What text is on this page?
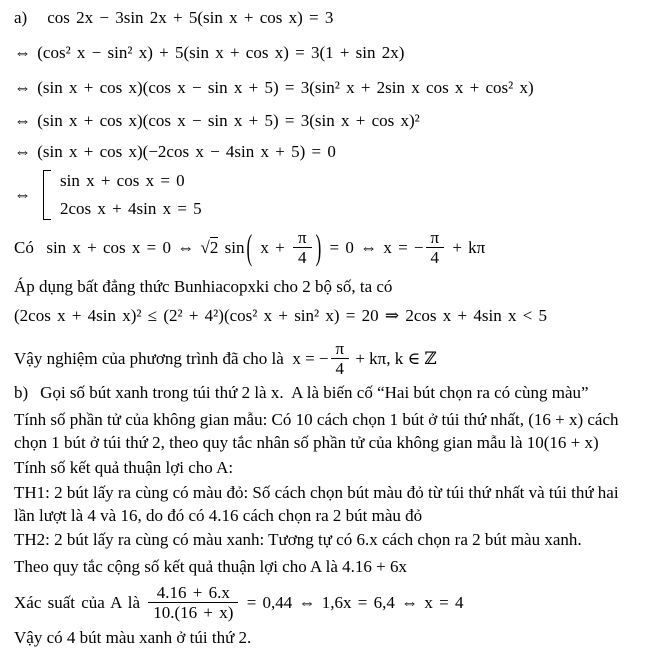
a) cos 2x − 3sin 2x + 5(sin x + cos x) = 3
⇔ (cos² x − sin² x) + 5(sin x + cos x) = 3(1 + sin 2x)
⇔ (sin x + cos x)(cos x − sin x + 5) = 3(sin² x + 2sin x cos x + cos² x)
⇔ (sin x + cos x)(cos x − sin x + 5) = 3(sin x + cos x)²
⇔ (sin x + cos x)(−2cos x − 4sin x + 5) = 0
⇔
sin x + cos x = 0
2cos x + 4sin x = 5
Có  sin x + cos x = 0 ⇔ √2 sin ( $x + \frac{\pi}{4}$ ) = 0 ⇔ x = − $\frac{\pi}{4} + k\pi$
Áp dụng bất đẳng thức Bunhiacopxki cho 2 bộ số, ta có
(2cos x + 4sin x)² ≤ (2² + 4²)(cos² x + sin² x) = 20 ⇒ 2cos x + 4sin x < 5
Vậy nghiệm của phương trình đã cho là  x = − $\frac{\pi}{4} + k\pi$, k ∈ ℤ
b) Gọi số bút xanh trong túi thứ 2 là x.  A là biến cố “Hai bút chọn ra có cùng màu”
Tính số phần tử của không gian mẫu: Có 10 cách chọn 1 bút ở túi thứ nhất, (16 + x) cách chọn 1 bút ở túi thứ 2, theo quy tắc nhân số phần tử của không gian mẫu là 10(16 + x)
Tính số kết quả thuận lợi cho A:
TH1: 2 bút lấy ra cùng có màu đỏ: Số cách chọn bút màu đỏ từ túi thứ nhất và túi thứ hai lần lượt là 4 và 16, do đó có 4.16 cách chọn ra 2 bút màu đỏ
TH2: 2 bút lấy ra cùng có màu xanh: Tương tự có 6.x cách chọn ra 2 bút màu xanh.
Theo quy tắc cộng số kết quả thuận lợi cho A là 4.16 + 6x
Xác suất của A là $\frac{4.16 + 6.x}{10.(16 + x)} = 0,44$ ⇔ 1,6x = 6,4 ⇔ x = 4
Vậy có 4 bút màu xanh ở túi thứ 2.
